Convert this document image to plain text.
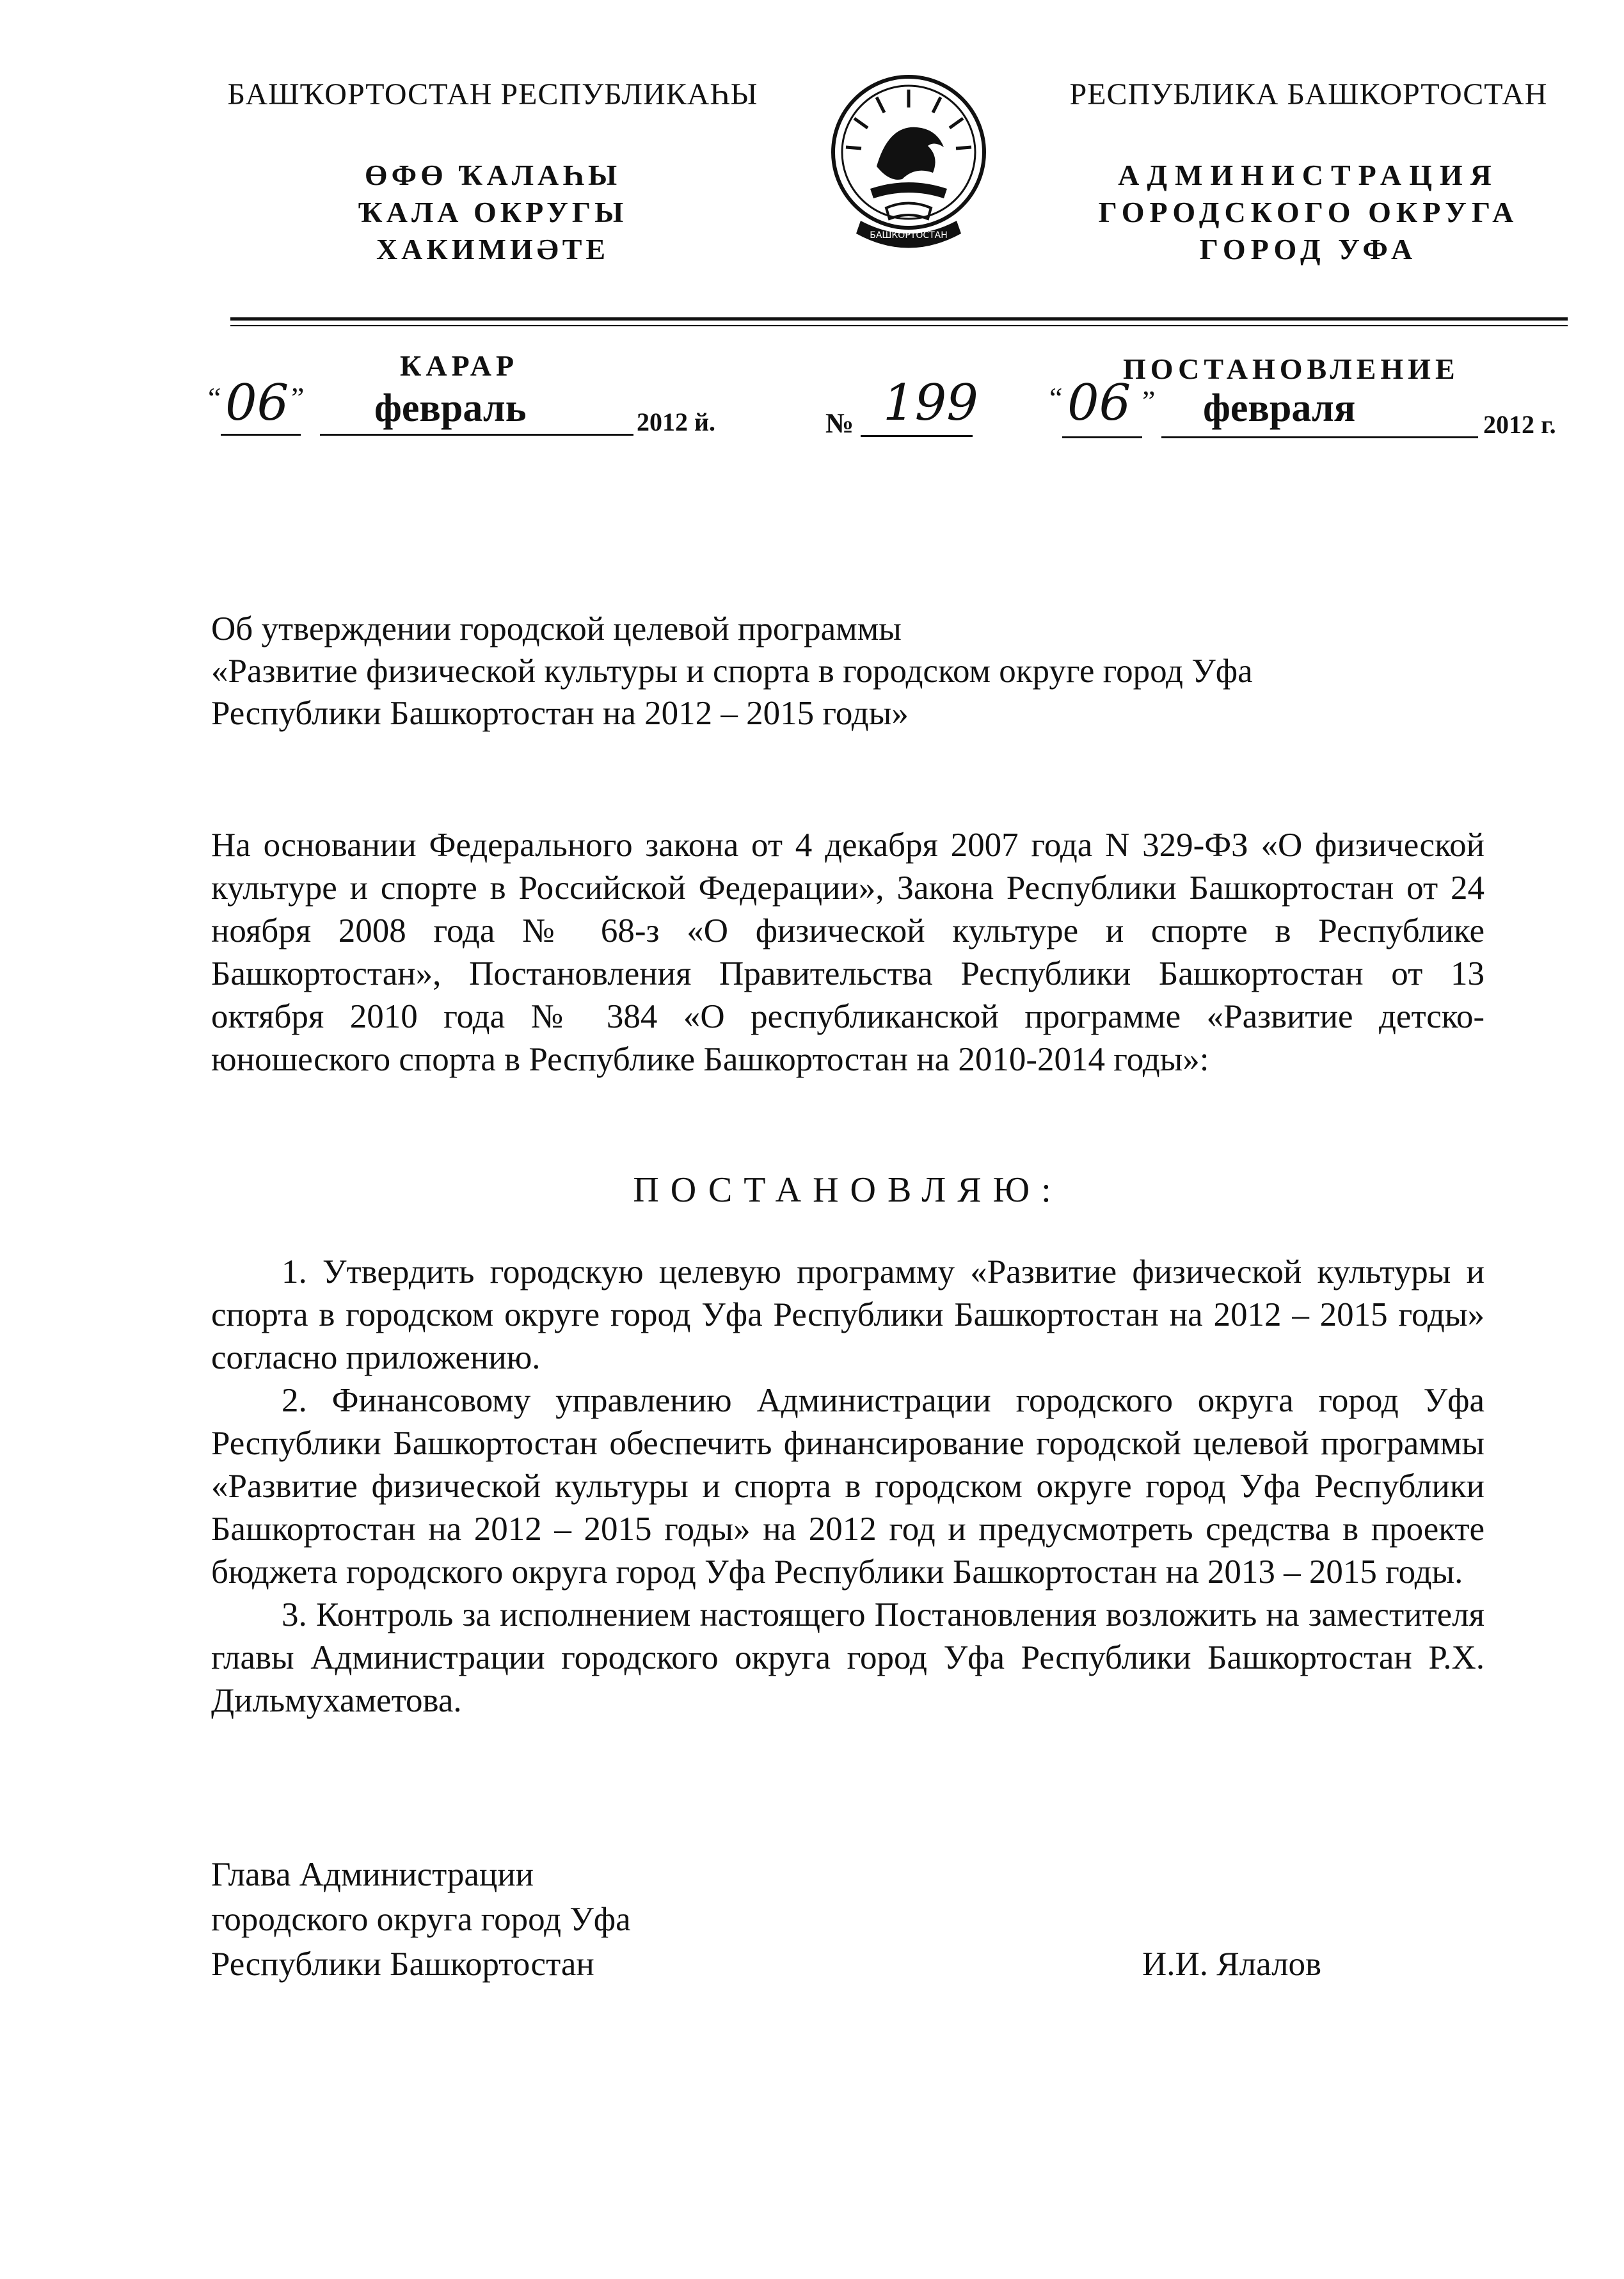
БАШҠОРТОСТАН РЕСПУБЛИКАҺЫ
ӨФӨ ҠАЛАҺЫ
ҠАЛА ОКРУГЫ
ХАКИМИӘТЕ	БАШКОРТОСТАН
РЕСПУБЛИКА БАШКОРТОСТАН
АДМИНИСТРАЦИЯ
ГОРОДСКОГО ОКРУГА
ГОРОД УФА
КАРАР	ПОСТАНОВЛЕНИЕ
“ 06 ” февраль	2012 й.	№ 199 “ 06 ” февраля	2012 г.
Об утверждении городской целевой программы
«Развитие физической культуры и спорта в городском округе город Уфа
Республики Башкортостан на 2012 – 2015 годы»

На основании Федерального закона от 4 декабря 2007 года N 329-ФЗ «О физической культуре и спорте в Российской Федерации», Закона Республики Башкортостан от 24 ноября 2008 года № 68-з «О физической культуре и спорте в Республике Башкортостан», Постановления Правительства Республики Башкортостан от 13 октября 2010 года № 384 «О республиканской программе «Развитие детско-юношеского спорта в Республике Башкортостан на 2010-2014 годы»:

ПОСТАНОВЛЯЮ:

1. Утвердить городскую целевую программу «Развитие физической культуры и спорта в городском округе город Уфа Республики Башкортостан на 2012 – 2015 годы» согласно приложению.

2. Финансовому управлению Администрации городского округа город Уфа Республики Башкортостан обеспечить финансирование городской целевой программы «Развитие физической культуры и спорта в городском округе город Уфа Республики Башкортостан на 2012 – 2015 годы» на 2012 год и предусмотреть средства в проекте бюджета городского округа город Уфа Республики Башкортостан на 2013 – 2015 годы.

3. Контроль за исполнением настоящего Постановления возложить на заместителя главы Администрации городского округа город Уфа Республики Башкортостан Р.Х. Дильмухаметова.

Глава Администрации
городского округа город Уфа
Республики Башкортостан	И.И. Ялалов
